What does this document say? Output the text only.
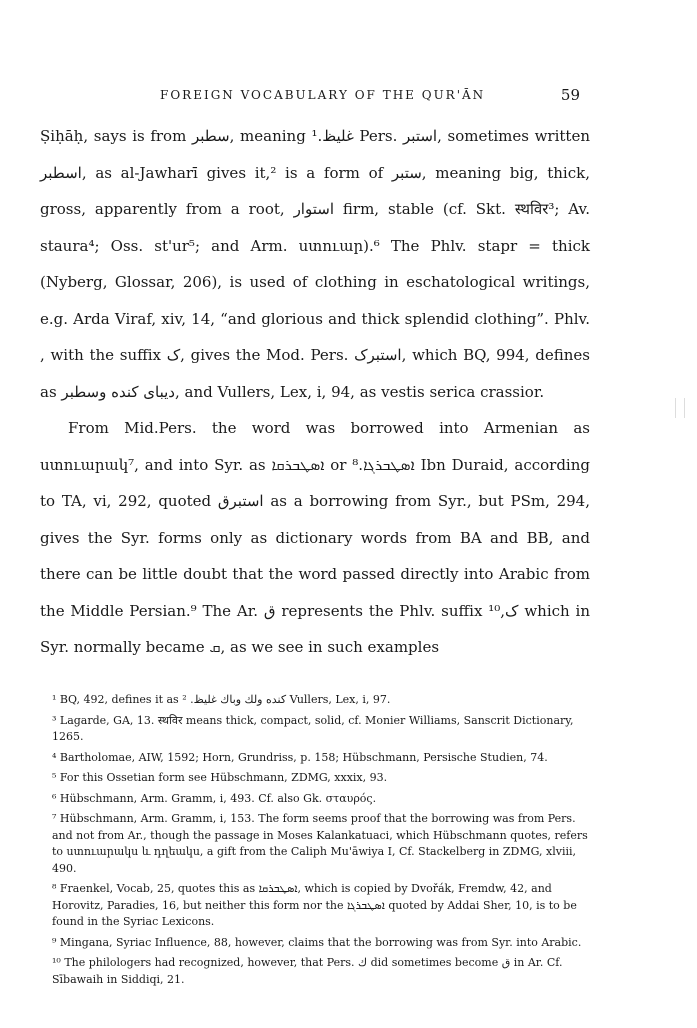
FOREIGN VOCABULARY OF THE QUR'ĀN	59

Ṣiḥāḥ, says is from سطبر, meaning غليظ.¹ Pers. استبر, sometimes written اسطبر, as al-Jawharī gives it,² is a form of ستبر, meaning big, thick, gross, apparently from a root, استوار firm, stable (cf. Skt. स्थविर³; Av. staura⁴; Oss. st'ur⁵; and Arm. ստուար).⁶ The Phlv. stapr = thick (Nyberg, Glossar, 206), is used of clothing in eschatological writings, e.g. Arda Viraf, xiv, 14, “and glorious and thick splendid clothing”. Phlv. , with the suffix ک, gives the Mod. Pers. استبرک, which BQ, 994, defines as دیبای کنده وسطبر, and Vullers, Lex, i, 94, as vestis serica crassior.

From Mid.Pers. the word was borrowed into Armenian as ստուարակ⁷, and into Syr. as ܐܣܛܒܪܩܐ or ܐܣܛܒܪܓܐ.⁸ Ibn Duraid, according to TA, vi, 292, quoted استبرق as a borrowing from Syr., but PSm, 294, gives the Syr. forms only as dictionary words from BA and BB, and there can be little doubt that the word passed directly into Arabic from the Middle Persian.⁹ The Ar. ق represents the Phlv. suffix ک,¹⁰ which in Syr. normally became ܩ, as we see in such examples

¹ BQ, 492, defines it as کنده ولك وباك غليظ. ² Vullers, Lex, i, 97.

³ Lagarde, GA, 13. स्थविर means thick, compact, solid, cf. Monier Williams, Sanscrit Dictionary, 1265.

⁴ Bartholomae, AIW, 1592; Horn, Grundriss, p. 158; Hübschmann, Persische Studien, 74.

⁵ For this Ossetian form see Hübschmann, ZDMG, xxxix, 93.

⁶ Hübschmann, Arm. Gramm, i, 493. Cf. also Gk. σταυρός.

⁷ Hübschmann, Arm. Gramm, i, 153. The form seems proof that the borrowing was from Pers. and not from Ar., though the passage in Moses Kalankatuaci, which Hübschmann quotes, refers to ստուարակս և դղեակս, a gift from the Caliph Mu'āwiya I, Cf. Stackelberg in ZDMG, xlviii, 490.

⁸ Fraenkel, Vocab, 25, quotes this as ܐܣܛܒܪܩܐ, which is copied by Dvořák, Fremdw, 42, and Horovitz, Paradies, 16, but neither this form nor the ܐܣܛܒܪܓܐ quoted by Addai Sher, 10, is to be found in the Syriac Lexicons.

⁹ Mingana, Syriac Influence, 88, however, claims that the borrowing was from Syr. into Arabic.

¹⁰ The philologers had recognized, however, that Pers. ك did sometimes become ق in Ar. Cf. Sībawaih in Siddiqi, 21.
